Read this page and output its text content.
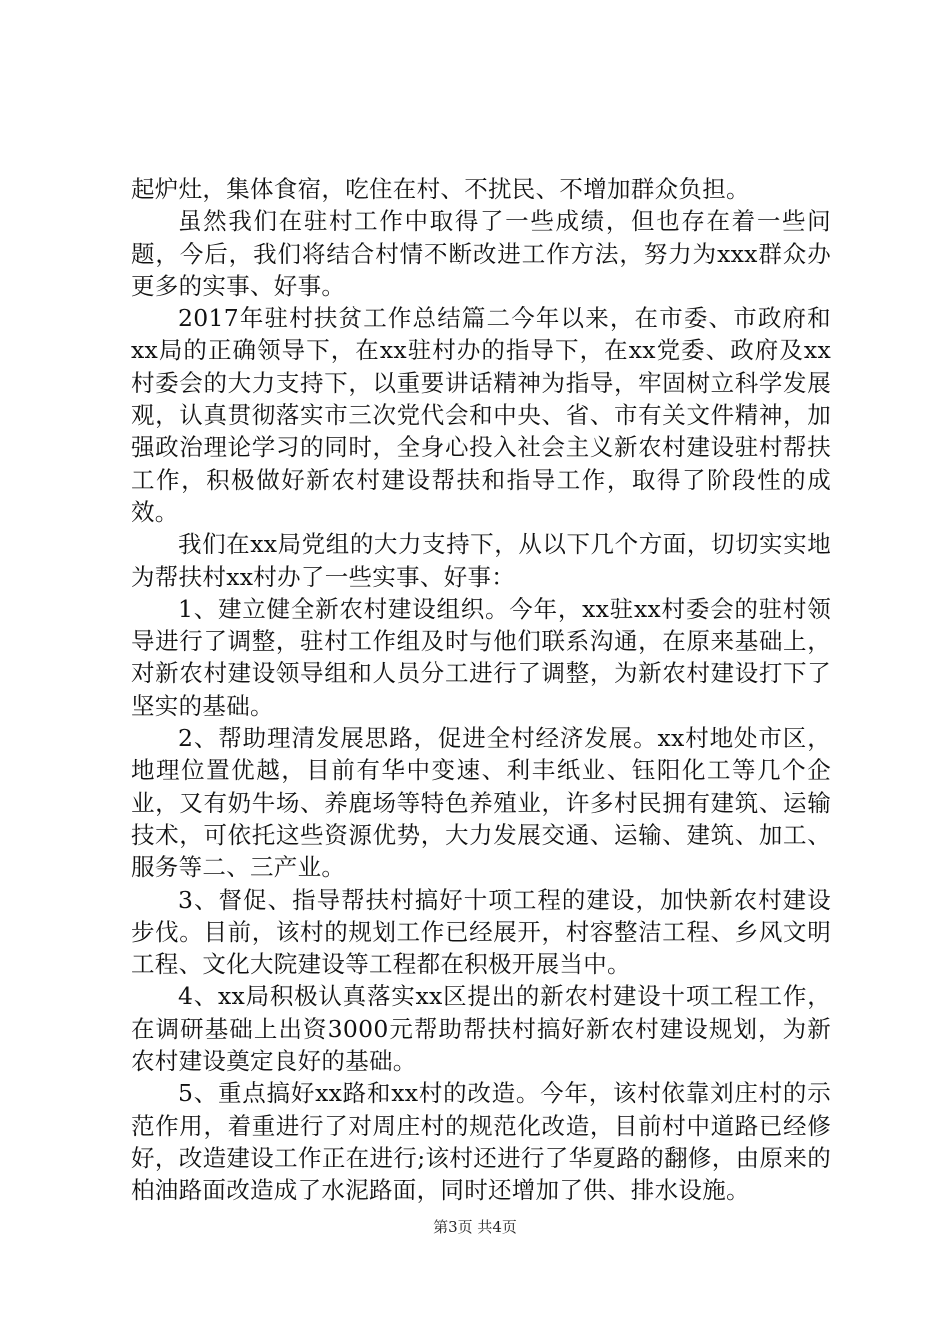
起炉灶，集体食宿，吃住在村、不扰民、不增加群众负担。

虽然我们在驻村工作中取得了一些成绩，但也存在着一些问题，今后，我们将结合村情不断改进工作方法，努力为xxx群众办更多的实事、好事。

2017年驻村扶贫工作总结篇二今年以来，在市委、市政府和xx局的正确领导下，在xx驻村办的指导下，在xx党委、政府及xx村委会的大力支持下，以重要讲话精神为指导，牢固树立科学发展观，认真贯彻落实市三次党代会和中央、省、市有关文件精神，加强政治理论学习的同时，全身心投入社会主义新农村建设驻村帮扶工作，积极做好新农村建设帮扶和指导工作，取得了阶段性的成效。

我们在xx局党组的大力支持下，从以下几个方面，切切实实地为帮扶村xx村办了一些实事、好事：

1、建立健全新农村建设组织。今年，xx驻xx村委会的驻村领导进行了调整，驻村工作组及时与他们联系沟通，在原来基础上，对新农村建设领导组和人员分工进行了调整，为新农村建设打下了坚实的基础。

2、帮助理清发展思路，促进全村经济发展。xx村地处市区，地理位置优越，目前有华中变速、利丰纸业、钰阳化工等几个企业，又有奶牛场、养鹿场等特色养殖业，许多村民拥有建筑、运输技术，可依托这些资源优势，大力发展交通、运输、建筑、加工、服务等二、三产业。

3、督促、指导帮扶村搞好十项工程的建设，加快新农村建设步伐。目前，该村的规划工作已经展开，村容整洁工程、乡风文明工程、文化大院建设等工程都在积极开展当中。

4、xx局积极认真落实xx区提出的新农村建设十项工程工作，在调研基础上出资3000元帮助帮扶村搞好新农村建设规划，为新农村建设奠定良好的基础。

5、重点搞好xx路和xx村的改造。今年，该村依靠刘庄村的示范作用，着重进行了对周庄村的规范化改造，目前村中道路已经修好，改造建设工作正在进行;该村还进行了华夏路的翻修，由原来的柏油路面改造成了水泥路面，同时还增加了供、排水设施。

第3页 共4页
